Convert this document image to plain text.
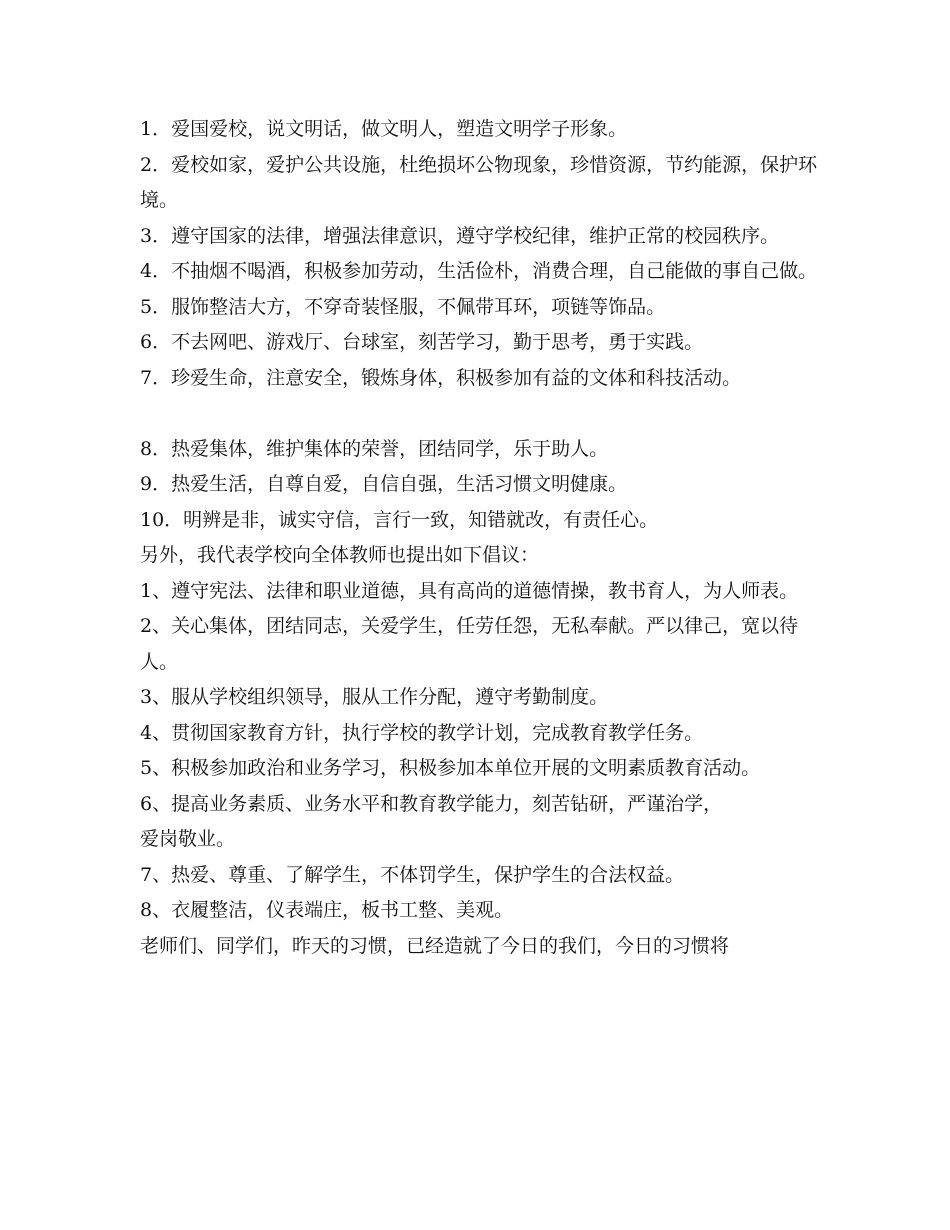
1．爱国爱校，说文明话，做文明人，塑造文明学子形象。

2．爱校如家，爱护公共设施，杜绝损坏公物现象，珍惜资源，节约能源，保护环境。

3．遵守国家的法律，增强法律意识，遵守学校纪律，维护正常的校园秩序。

4．不抽烟不喝酒，积极参加劳动，生活俭朴，消费合理，自己能做的事自己做。

5．服饰整洁大方，不穿奇装怪服，不佩带耳环，项链等饰品。

6．不去网吧、游戏厅、台球室，刻苦学习，勤于思考，勇于实践。

7．珍爱生命，注意安全，锻炼身体，积极参加有益的文体和科技活动。

8．热爱集体，维护集体的荣誉，团结同学，乐于助人。

9．热爱生活，自尊自爱，自信自强，生活习惯文明健康。

10．明辨是非，诚实守信，言行一致，知错就改，有责任心。

另外，我代表学校向全体教师也提出如下倡议：

1、遵守宪法、法律和职业道德，具有高尚的道德情操，教书育人，为人师表。

2、关心集体，团结同志，关爱学生，任劳任怨，无私奉献。严以律己，宽以待人。

3、服从学校组织领导，服从工作分配，遵守考勤制度。

4、贯彻国家教育方针，执行学校的教学计划，完成教育教学任务。

5、积极参加政治和业务学习，积极参加本单位开展的文明素质教育活动。

6、提高业务素质、业务水平和教育教学能力，刻苦钻研，严谨治学，

爱岗敬业。

7、热爱、尊重、了解学生，不体罚学生，保护学生的合法权益。

8、衣履整洁，仪表端庄，板书工整、美观。

老师们、同学们，昨天的习惯，已经造就了今日的我们，今日的习惯将
